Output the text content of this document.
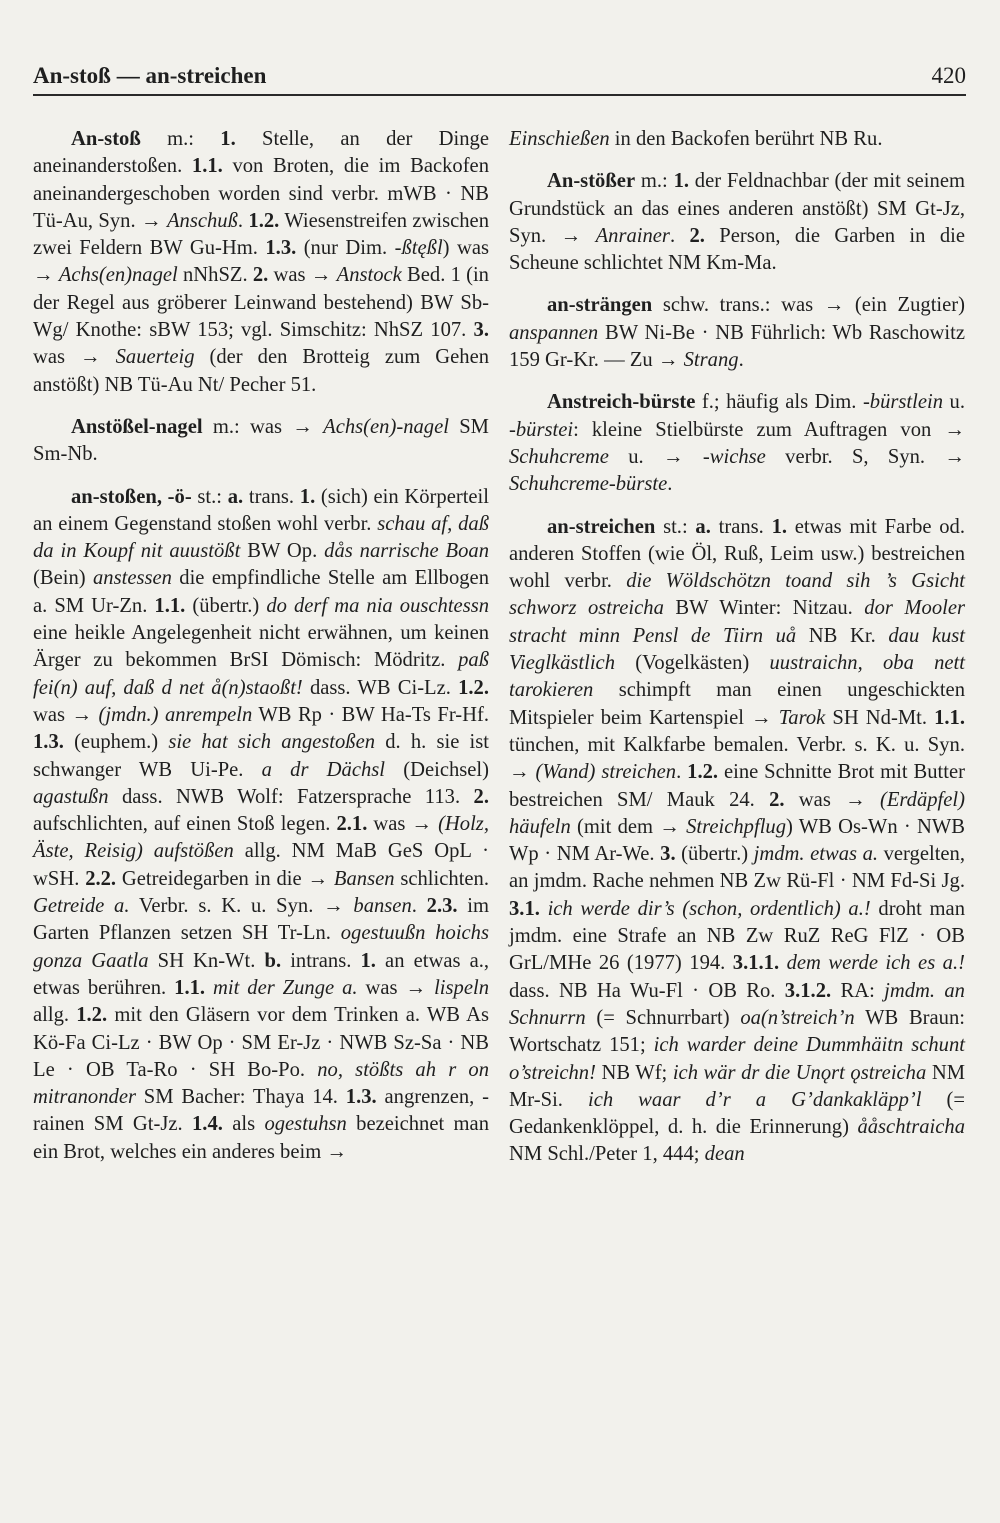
An-stoß — an-streichen	420

An-stoß m.: 1. Stelle, an der Dinge aneinanderstoßen. 1.1. von Broten, die im Backofen aneinandergeschoben worden sind verbr. mWB · NB Tü-Au, Syn. → Anschuß. 1.2. Wiesenstreifen zwischen zwei Feldern BW Gu-Hm. 1.3. (nur Dim. -ßtęßl) was → Achs(en)nagel nNhSZ. 2. was → Anstock Bed. 1 (in der Regel aus gröberer Leinwand bestehend) BW Sb-Wg/ Knothe: sBW 153; vgl. Simschitz: NhSZ 107. 3. was → Sauerteig (der den Brotteig zum Gehen anstößt) NB Tü-Au Nt/ Pecher 51.

Anstößel-nagel m.: was → Achs(en)-nagel SM Sm-Nb.

an-stoßen, -ö- st.: a. trans. 1. (sich) ein Körperteil an einem Gegenstand stoßen wohl verbr. schau af, daß da in Koupf nit auustößt BW Op. dås narrische Boan (Bein) anstessen die empfindliche Stelle am Ellbogen a. SM Ur-Zn. 1.1. (übertr.) do derf ma nia ouschtessn eine heikle Angelegenheit nicht erwähnen, um keinen Ärger zu bekommen BrSI Dömisch: Mödritz. paß fei(n) auf, daß d net å(n)staoßt! dass. WB Ci-Lz. 1.2. was → (jmdn.) anrempeln WB Rp · BW Ha-Ts Fr-Hf. 1.3. (euphem.) sie hat sich angestoßen d. h. sie ist schwanger WB Ui-Pe. a dr Dächsl (Deichsel) agastußn dass. NWB Wolf: Fatzersprache 113. 2. aufschlichten, auf einen Stoß legen. 2.1. was → (Holz, Äste, Reisig) aufstößen allg. NM MaB GeS OpL · wSH. 2.2. Getreidegarben in die → Bansen schlichten. Getreide a. Verbr. s. K. u. Syn. → bansen. 2.3. im Garten Pflanzen setzen SH Tr-Ln. ogestuußn hoichs gonza Gaatla SH Kn-Wt. b. intrans. 1. an etwas a., etwas berühren. 1.1. mit der Zunge a. was → lispeln allg. 1.2. mit den Gläsern vor dem Trinken a. WB As Kö-Fa Ci-Lz · BW Op · SM Er-Jz · NWB Sz-Sa · NB Le · OB Ta-Ro · SH Bo-Po. no, stößts ah r on mitranonder SM Bacher: Thaya 14. 1.3. angrenzen, -rainen SM Gt-Jz. 1.4. als ogestuhsn bezeichnet man ein Brot, welches ein anderes beim →

Einschießen in den Backofen berührt NB Ru.

An-stößer m.: 1. der Feldnachbar (der mit seinem Grundstück an das eines anderen anstößt) SM Gt-Jz, Syn. → Anrainer. 2. Person, die Garben in die Scheune schlichtet NM Km-Ma.

an-strängen schw. trans.: was → (ein Zugtier) anspannen BW Ni-Be · NB Führlich: Wb Raschowitz 159 Gr-Kr. — Zu → Strang.

Anstreich-bürste f.; häufig als Dim. -bürstlein u. -bürstei: kleine Stielbürste zum Auftragen von → Schuhcreme u. → -wichse verbr. S, Syn. → Schuhcreme-bürste.

an-streichen st.: a. trans. 1. etwas mit Farbe od. anderen Stoffen (wie Öl, Ruß, Leim usw.) bestreichen wohl verbr. die Wöldschötzn toand sih ’s Gsicht schworz ostreicha BW Winter: Nitzau. dor Mooler stracht minn Pensl de Tiirn uå NB Kr. dau kust Vieglkästlich (Vogelkästen) uustraichn, oba nett tarokieren schimpft man einen ungeschickten Mitspieler beim Kartenspiel → Tarok SH Nd-Mt. 1.1. tünchen, mit Kalkfarbe bemalen. Verbr. s. K. u. Syn. → (Wand) streichen. 1.2. eine Schnitte Brot mit Butter bestreichen SM/ Mauk 24. 2. was → (Erdäpfel) häufeln (mit dem → Streichpflug) WB Os-Wn · NWB Wp · NM Ar-We. 3. (übertr.) jmdm. etwas a. vergelten, an jmdm. Rache nehmen NB Zw Rü-Fl · NM Fd-Si Jg. 3.1. ich werde dir’s (schon, ordentlich) a.! droht man jmdm. eine Strafe an NB Zw RuZ ReG FlZ · OB GrL/MHe 26 (1977) 194. 3.1.1. dem werde ich es a.! dass. NB Ha Wu-Fl · OB Ro. 3.1.2. RA: jmdm. an Schnurrn (= Schnurrbart) oa(n’streich’n WB Braun: Wortschatz 151; ich warder deine Dummhäitn schunt o’streichn! NB Wf; ich wär dr die Unǫrt ǫstreicha NM Mr-Si. ich waar d’r a G’dankakläpp’l (= Gedankenklöppel, d. h. die Erinnerung) ååschtraicha NM Schl./Peter 1, 444; dean
